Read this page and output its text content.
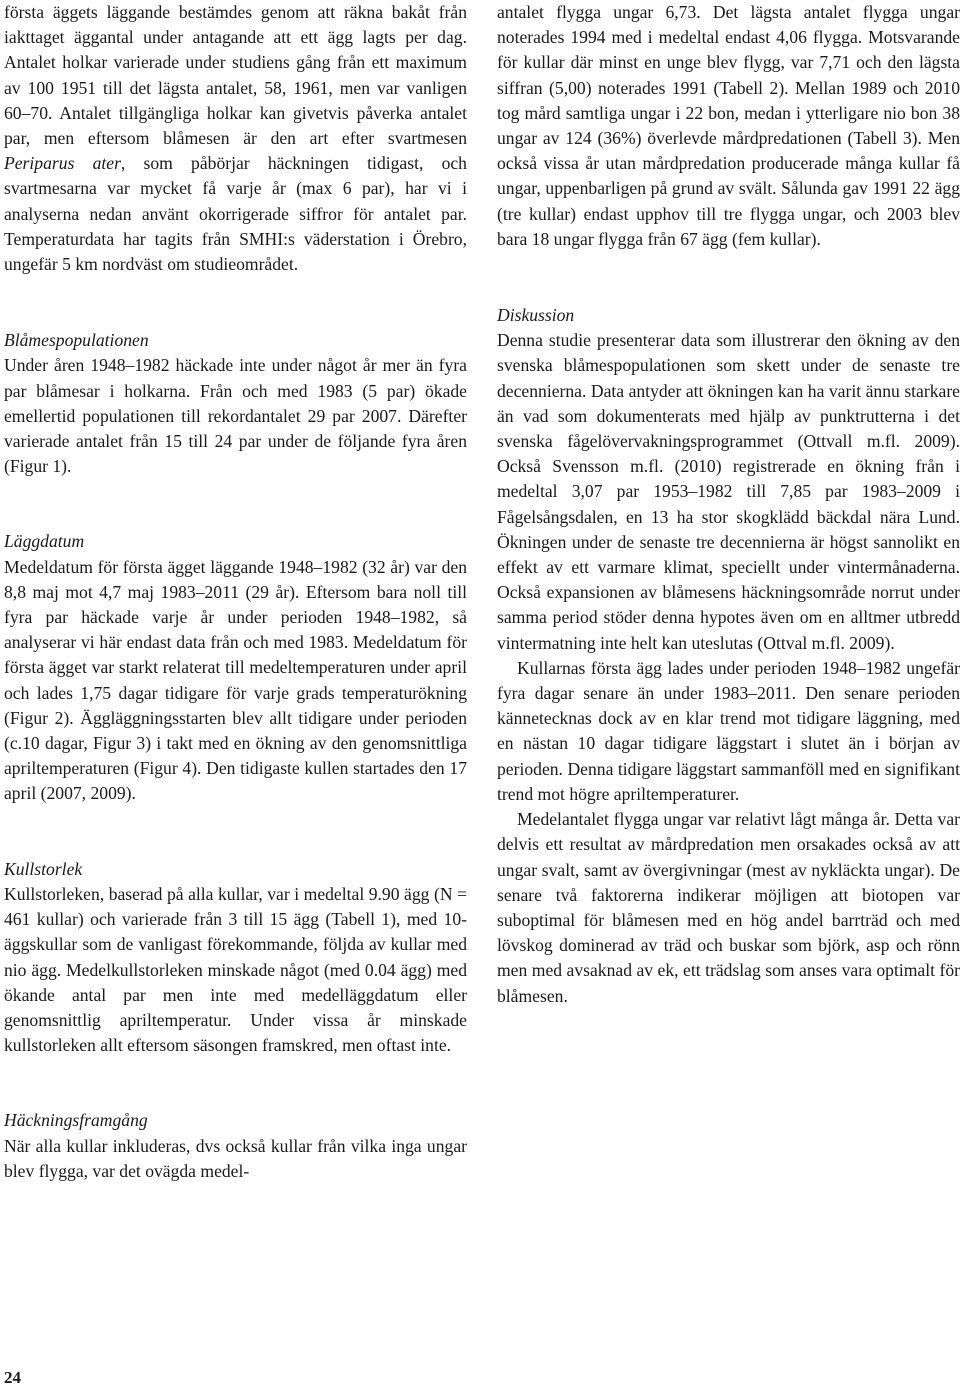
första äggets läggande bestämdes genom att räkna bakåt från iakttaget äggantal under antagande att ett ägg lagts per dag. Antalet holkar varierade under studiens gång från ett maximum av 100 1951 till det lägsta antalet, 58, 1961, men var vanligen 60–70. Antalet tillgängliga holkar kan givetvis påverka antalet par, men eftersom blåmesen är den art efter svartmesen Periparus ater, som påbörjar häckningen tidigast, och svartmesarna var mycket få varje år (max 6 par), har vi i analyserna nedan använt okorrigerade siffror för antalet par. Temperaturdata har tagits från SMHI:s väderstation i Örebro, ungefär 5 km nordväst om studieområdet.
Blåmespopulationen
Under åren 1948–1982 häckade inte under något år mer än fyra par blåmesar i holkarna. Från och med 1983 (5 par) ökade emellertid populationen till rekordantalet 29 par 2007. Därefter varierade antalet från 15 till 24 par under de följande fyra åren (Figur 1).
Läggdatum
Medeldatum för första ägget läggande 1948–1982 (32 år) var den 8,8 maj mot 4,7 maj 1983–2011 (29 år). Eftersom bara noll till fyra par häckade varje år under perioden 1948–1982, så analyserar vi här endast data från och med 1983. Medeldatum för första ägget var starkt relaterat till medeltemperaturen under april och lades 1,75 dagar tidigare för varje grads temperaturökning (Figur 2). Äggläggningsstarten blev allt tidigare under perioden (c.10 dagar, Figur 3) i takt med en ökning av den genomsnittliga apriltemperaturen (Figur 4). Den tidigaste kullen startades den 17 april (2007, 2009).
Kullstorlek
Kullstorleken, baserad på alla kullar, var i medeltal 9.90 ägg (N = 461 kullar) och varierade från 3 till 15 ägg (Tabell 1), med 10-äggskullar som de vanligast förekommande, följda av kullar med nio ägg. Medelkullstorleken minskade något (med 0.04 ägg) med ökande antal par men inte med medelläggdatum eller genomsnittlig apriltemperatur. Under vissa år minskade kullstorleken allt eftersom säsongen framskred, men oftast inte.
Häckningsframgång
När alla kullar inkluderas, dvs också kullar från vilka inga ungar blev flygga, var det ovägda medel-
antalet flygga ungar 6,73. Det lägsta antalet flygga ungar noterades 1994 med i medeltal endast 4,06 flygga. Motsvarande för kullar där minst en unge blev flygg, var 7,71 och den lägsta siffran (5,00) noterades 1991 (Tabell 2). Mellan 1989 och 2010 tog mård samtliga ungar i 22 bon, medan i ytterligare nio bon 38 ungar av 124 (36%) överlevde mårdpredationen (Tabell 3). Men också vissa år utan mårdpredation producerade många kullar få ungar, uppenbarligen på grund av svält. Sålunda gav 1991 22 ägg (tre kullar) endast upphov till tre flygga ungar, och 2003 blev bara 18 ungar flygga från 67 ägg (fem kullar).
Diskussion
Denna studie presenterar data som illustrerar den ökning av den svenska blåmespopulationen som skett under de senaste tre decennierna. Data antyder att ökningen kan ha varit ännu starkare än vad som dokumenterats med hjälp av punktrutterna i det svenska fågelövervakningsprogrammet (Ottvall m.fl. 2009). Också Svensson m.fl. (2010) registrerade en ökning från i medeltal 3,07 par 1953–1982 till 7,85 par 1983–2009 i Fågelsångsdalen, en 13 ha stor skogklädd bäckdal nära Lund. Ökningen under de senaste tre decennierna är högst sannolikt en effekt av ett varmare klimat, speciellt under vintermånaderna. Också expansionen av blåmesens häckningsområde norrut under samma period stöder denna hypotes även om en alltmer utbredd vintermatning inte helt kan uteslutas (Ottval m.fl. 2009).
Kullarnas första ägg lades under perioden 1948–1982 ungefär fyra dagar senare än under 1983–2011. Den senare perioden kännetecknas dock av en klar trend mot tidigare läggning, med en nästan 10 dagar tidigare läggstart i slutet än i början av perioden. Denna tidigare läggstart sammanföll med en signifikant trend mot högre apriltemperaturer.
Medelantalet flygga ungar var relativt lågt många år. Detta var delvis ett resultat av mårdpredation men orsakades också av att ungar svalt, samt av övergivningar (mest av nykläckta ungar). De senare två faktorerna indikerar möjligen att biotopen var suboptimal för blåmesen med en hög andel barrträd och med lövskog dominerad av träd och buskar som björk, asp och rönn men med avsaknad av ek, ett trädslag som anses vara optimalt för blåmesen.
24
